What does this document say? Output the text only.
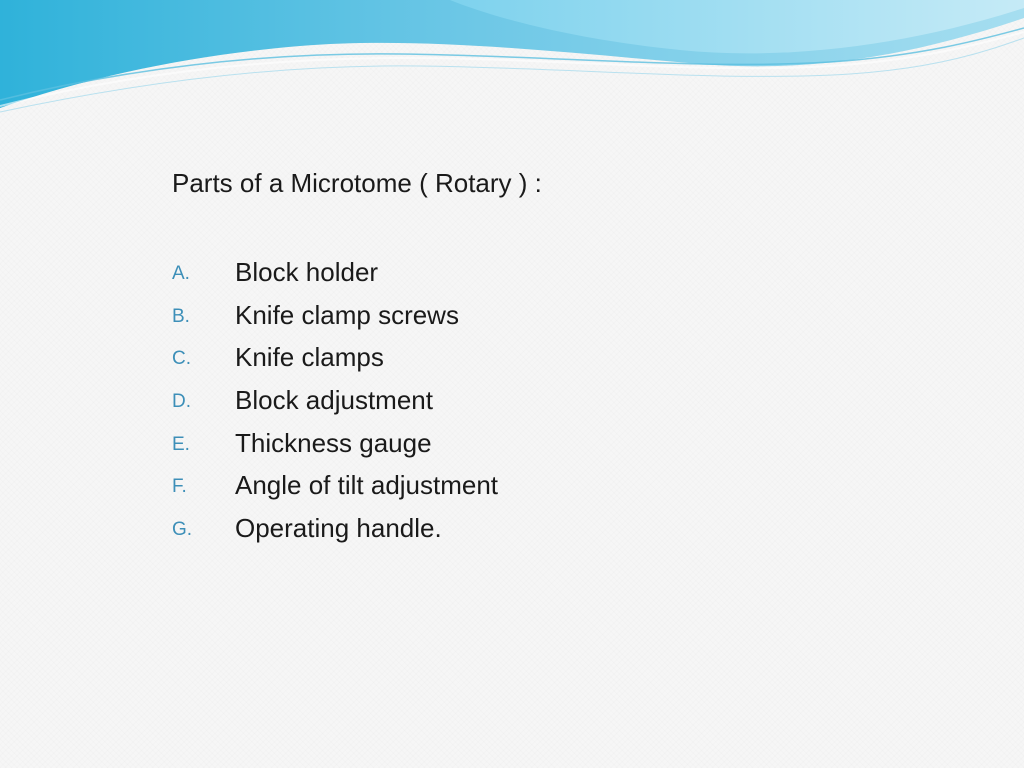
Parts of a Microtome ( Rotary ) :
A. Block holder
B. Knife clamp screws
C. Knife clamps
D. Block adjustment
E. Thickness gauge
F. Angle of tilt adjustment
G. Operating handle.
